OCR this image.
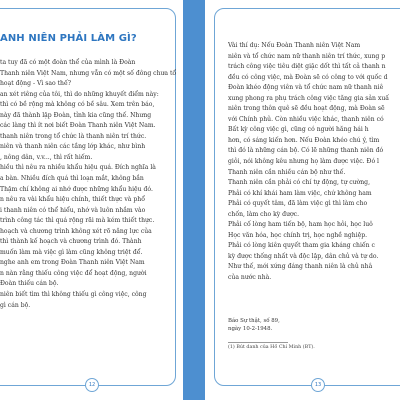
ANH NIÊN PHẢI LÀM GÌ?
ta tuy đã có một đoàn thể của mình là Đoàn
Thanh niên Việt Nam, nhưng vẫn có một số đông chưa tổ
hoạt động - Vì sao thế?
an xét riêng của tôi, thì do những khuyết điểm này:
thì có bề rộng mà không có bề sâu. Xem trên báo,
này đã thành lập Đoàn, tỉnh kia cũng thế. Nhưng
các làng thì ít nơi biết Đoàn Thanh niên Việt Nam.
thanh niên trong tổ chức là thanh niên trí thức.
niên và thanh niên các tầng lớp khác, như bình
, nông dân, v.v..., thì rất hiếm.
hiều thì nêu ra nhiều khẩu hiệu quá. Đích nghĩa là
a bàn. Nhiều đích quá thì loạn mắt, không bắn
Thậm chí không ai nhớ được những khẩu hiệu đó.
n nêu ra vài khẩu hiệu chính, thiết thực và phổ
i thanh niên có thể hiểu, nhớ và luôn nhắm vào
trình công tác thì quá rộng rãi mà kém thiết thực.
hoạch và chương trình không xét rõ năng lực của
thì thành kế hoạch và chương trình đó. Thành
muốn làm mà việc gì làm cũng không triệt để.
nghe anh em trong Đoàn Thanh niên Việt Nam
n nàn rằng thiếu công việc để hoạt động, người
Đoàn thiếu cán bộ.
niên biết tìm thì không thiếu gì công việc, công
gì cán bộ.
12
Vài thí dụ: Nếu Đoàn Thanh niên Việt Nam
niên và tổ chức nam nữ thanh niên trí thức, xung p
trách công việc tiêu diệt giặc dốt thì tất cả thanh n
đều có công việc, mà Đoàn sẽ có công to với quốc d
Đoàn khéo động viên và tổ chức nam nữ thanh niê
xung phong ra phụ trách công việc tăng gia sản xuấ
niên trong thôn quê sẽ đều hoạt động, mà Đoàn sẽ
với Chính phủ. Còn nhiều việc khác, thanh niên có
Bất kỳ công việc gì, cũng có người hăng hái h
hơn, có sáng kiến hơn. Nếu Đoàn khéo chú ý, tìm
thì đó là những cán bộ. Có lẽ những thanh niên đó
giỏi, nói không kêu nhưng họ làm được việc. Đó l
Thanh niên cần nhiều cán bộ như thế.
Thanh niên cần phải có chí tự động, tự cường,
Phải có khí khái ham làm việc, chứ không ham
Phải có quyết tâm, đã làm việc gì thì làm cho
chốn, làm cho kỳ được.
Phải cố lòng ham tiến bộ, ham học hỏi, học luô
Học văn hóa, học chính trị, học nghề nghiệp.
Phải có lòng kiên quyết tham gia kháng chiến c
kỳ được thống nhất và độc lập, dân chủ và tự do.
Như thế, mới xứng đáng thanh niên là chủ nhâ
của nước nhà.
Báo Sự thật, số 89,
ngày 10-2-1948.
(1) Bút danh của Hồ Chí Minh (BT).
13
